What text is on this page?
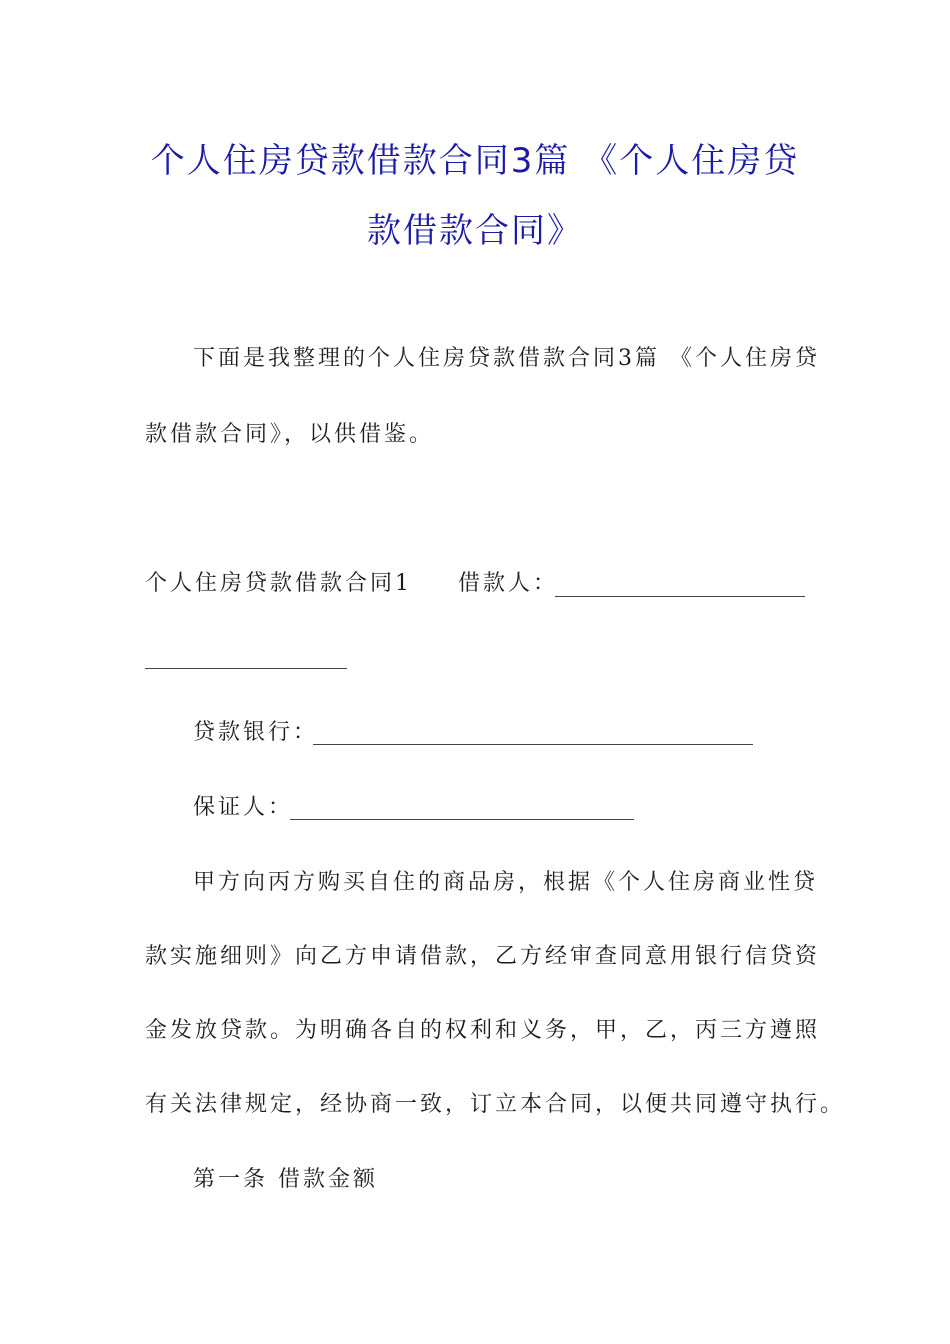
个人住房贷款借款合同3篇 《个人住房贷
款借款合同》
下面是我整理的个人住房贷款借款合同3篇 《个人住房贷
款借款合同》，以供借鉴。
个人住房贷款借款合同1 借款人：
贷款银行：
保证人：
甲方向丙方购买自住的商品房，根据《个人住房商业性贷
款实施细则》向乙方申请借款，乙方经审查同意用银行信贷资
金发放贷款。为明确各自的权利和义务，甲，乙，丙三方遵照
有关法律规定，经协商一致，订立本合同，以便共同遵守执行。
第一条 借款金额
